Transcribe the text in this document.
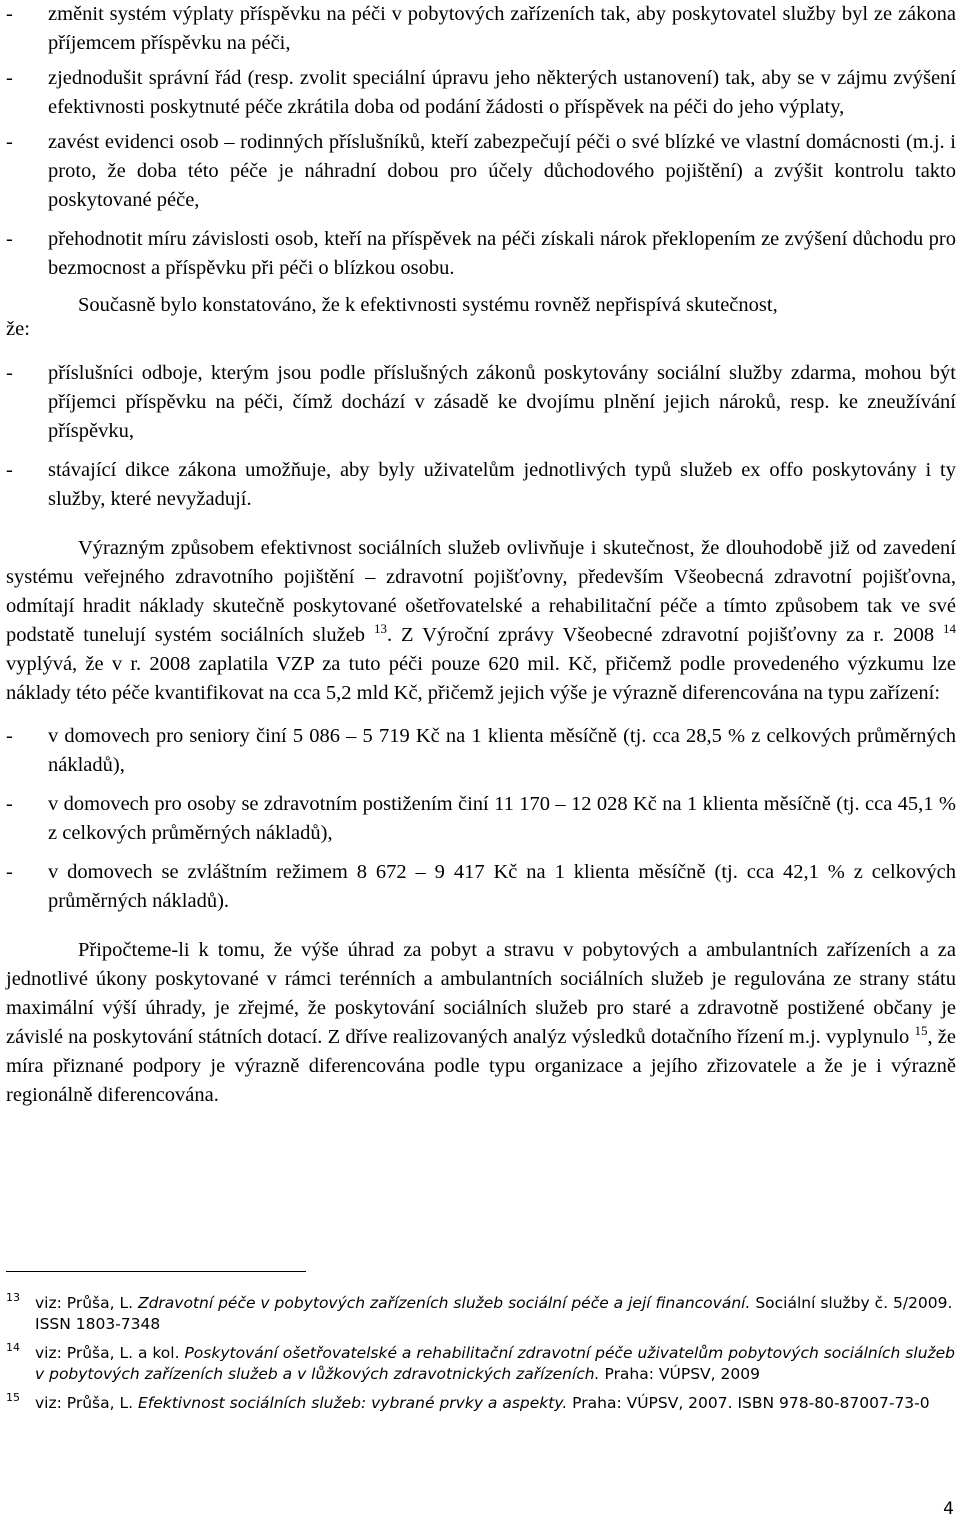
- změnit systém výplaty příspěvku na péči v pobytových zařízeních tak, aby poskytovatel služby byl ze zákona příjemcem příspěvku na péči,
- zjednodušit správní řád (resp. zvolit speciální úpravu jeho některých ustanovení) tak, aby se v zájmu zvýšení efektivnosti poskytnuté péče zkrátila doba od podání žádosti o příspěvek na péči do jeho výplaty,
- zavést evidenci osob – rodinných příslušníků, kteří zabezpečují péči o své blízké ve vlastní domácnosti (m.j. i proto, že doba této péče je náhradní dobou pro účely důchodového pojištění) a zvýšit kontrolu takto poskytované péče,
- přehodnotit míru závislosti osob, kteří na příspěvek na péči získali nárok překlopením ze zvýšení důchodu pro bezmocnost a příspěvku při péči o blízkou osobu.
Současně bylo konstatováno, že k efektivnosti systému rovněž nepřispívá skutečnost,
že:
- příslušníci odboje, kterým jsou podle příslušných zákonů poskytovány sociální služby zdarma, mohou být příjemci příspěvku na péči, čímž dochází v zásadě ke dvojímu plnění jejich nároků, resp. ke zneužívání příspěvku,
- stávající dikce zákona umožňuje, aby byly uživatelům jednotlivých typů služeb ex offo poskytovány i ty služby, které nevyžadují.

Výrazným způsobem efektivnost sociálních služeb ovlivňuje i skutečnost, že dlouhodobě již od zavedení systému veřejného zdravotního pojištění – zdravotní pojišťovny, především Všeobecná zdravotní pojišťovna, odmítají hradit náklady skutečně poskytované ošetřovatelské a rehabilitační péče a tímto způsobem tak ve své podstatě tunelují systém sociálních služeb $^{13}$. Z Výroční zprávy Všeobecné zdravotní pojišťovny za r. 2008 $^{14}$ vyplývá, že v r. 2008 zaplatila VZP za tuto péči pouze 620 mil. Kč, přičemž podle provedeného výzkumu lze náklady této péče kvantifikovat na cca 5,2 mld Kč, přičemž jejich výše je výrazně diferencována na typu zařízení:

- v domovech pro seniory činí 5 086 – 5 719 Kč na 1 klienta měsíčně (tj. cca 28,5 % z celkových průměrných nákladů),
- v domovech pro osoby se zdravotním postižením činí 11 170 – 12 028 Kč na 1 klienta měsíčně (tj. cca 45,1 % z celkových průměrných nákladů),
- v domovech se zvláštním režimem 8 672 – 9 417 Kč na 1 klienta měsíčně (tj. cca 42,1 % z celkových průměrných nákladů).

Připočteme-li k tomu, že výše úhrad za pobyt a stravu v pobytových a ambulantních zařízeních a za jednotlivé úkony poskytované v rámci terénních a ambulantních sociálních služeb je regulována ze strany státu maximální výší úhrady, je zřejmé, že poskytování sociálních služeb pro staré a zdravotně postižené občany je závislé na poskytování státních dotací. Z dříve realizovaných analýz výsledků dotačního řízení m.j. vyplynulo $^{15}$, že míra přiznané podpory je výrazně diferencována podle typu organizace a jejího zřizovatele a že je i výrazně regionálně diferencována.

13 viz: Průša, L. Zdravotní péče v pobytových zařízeních služeb sociální péče a její financování. Sociální služby č. 5/2009. ISSN 1803-7348
14 viz: Průša, L. a kol. Poskytování ošetřovatelské a rehabilitační zdravotní péče uživatelům pobytových sociálních služeb v pobytových zařízeních služeb a v lůžkových zdravotnických zařízeních. Praha: VÚPSV, 2009
15 viz: Průša, L. Efektivnost sociálních služeb: vybrané prvky a aspekty. Praha: VÚPSV, 2007. ISBN 978-80-87007-73-0
4
